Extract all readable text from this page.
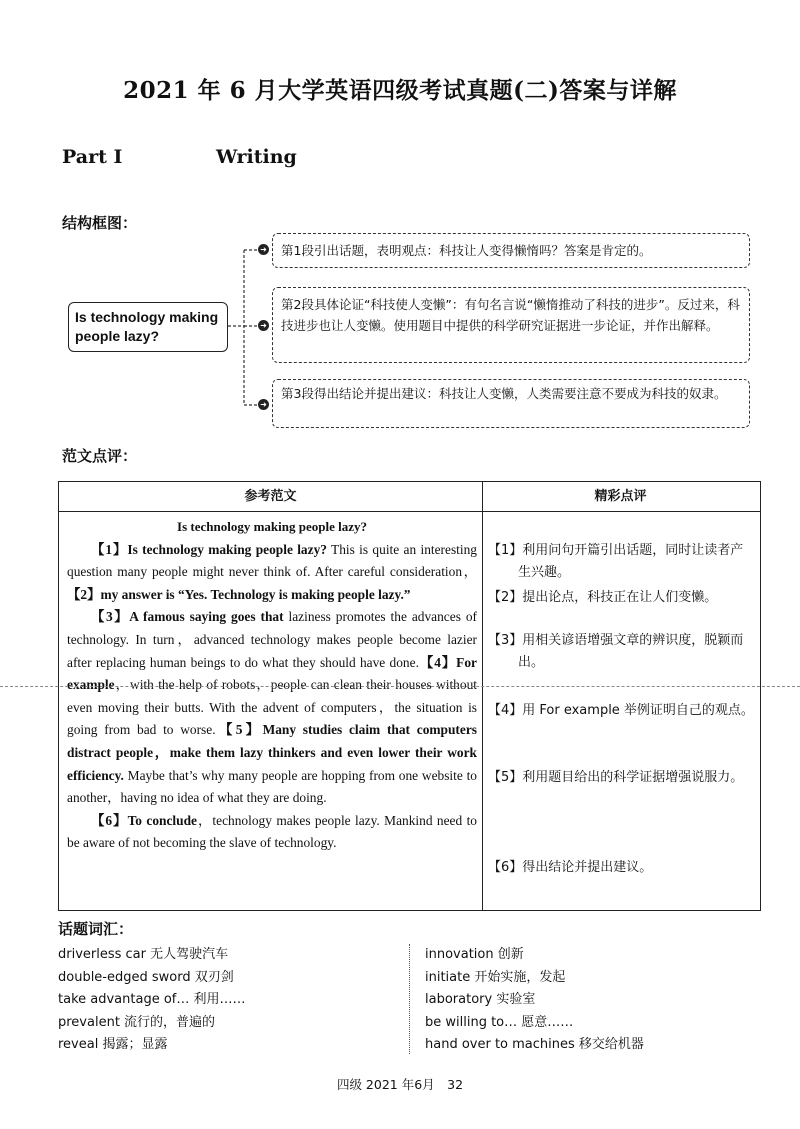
2021 年 6 月大学英语四级考试真题(二)答案与详解
Part Ⅰ	Writing
结构框图：
➜
➜
➜
Is technology making people lazy?
第1段引出话题，表明观点：科技让人变得懒惰吗？答案是肯定的。
第2段具体论证“科技使人变懒”：有句名言说“懒惰推动了科技的进步”。反过来，科技进步也让人变懒。使用题目中提供的科学研究证据进一步论证，并作出解释。
第3段得出结论并提出建议：科技让人变懒，人类需要注意不要成为科技的奴隶。
范文点评：
参考范文	精彩点评

Is technology making people lazy?

【1】Is technology making people lazy? This is quite an interesting question many people might never think of. After careful consideration，【2】my answer is “Yes. Technology is making people lazy.”

【3】A famous saying goes that laziness promotes the advances of technology. In turn，advanced technology makes people become lazier after replacing human beings to do what they should have done.【4】For example，with the help of robots，people can clean their houses without even moving their butts. With the advent of computers，the situation is going from bad to worse.【5】Many studies claim that computers distract people，make them lazy thinkers and even lower their work efficiency. Maybe that’s why many people are hopping from one website to another，having no idea of what they are doing.

【6】To conclude，technology makes people lazy. Mankind need to be aware of not becoming the slave of technology.

【1】利用问句开篇引出话题，同时让读者产生兴趣。
【2】提出论点，科技正在让人们变懒。
【3】用相关谚语增强文章的辨识度，脱颖而出。
【4】用 For example 举例证明自己的观点。
【5】利用题目给出的科学证据增强说服力。
【6】得出结论并提出建议。
话题词汇：
driverless car 无人驾驶汽车
double-edged sword 双刃剑
take advantage of… 利用……
prevalent 流行的，普遍的
reveal 揭露；显露
innovation 创新
initiate 开始实施，发起
laboratory 实验室
be willing to… 愿意……
hand over to machines 移交给机器
四级 2021 年6月　32
